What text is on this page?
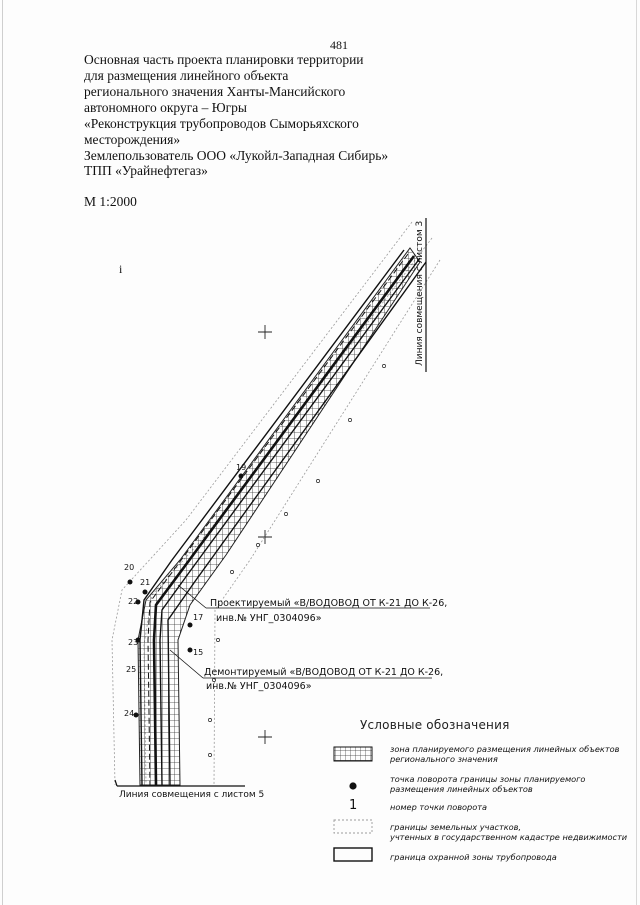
481
Основная часть проекта планировки территории
для размещения линейного объекта
регионального значения Ханты-Мансийского
автономного округа – Югры
«Реконструкция трубопроводов Сыморьяхского
месторождения»
Землепользователь ООО «Лукойл-Западная Сибирь»
ТПП «Урайнефтегаз»
М 1:2000
i	Линия совмещения с листом 3
Линия совмещения с листом 5
19
20
21
22
23
24
25
17
15
Проектируемый «В/ВОДОВОД ОТ К-21 ДО К-26,
инв.№ УНГ_0304096»
Демонтируемый «В/ВОДОВОД ОТ К-21 ДО К-26,
инв.№ УНГ_0304096»
Условные обозначения
зона планируемого размещения линейных объектов
регионального значения
точка поворота границы зоны планируемого
размещения линейных объектов
1	номер точки поворота
границы земельных участков,
учтенных в государственном кадастре недвижимости
граница охранной зоны трубопровода
